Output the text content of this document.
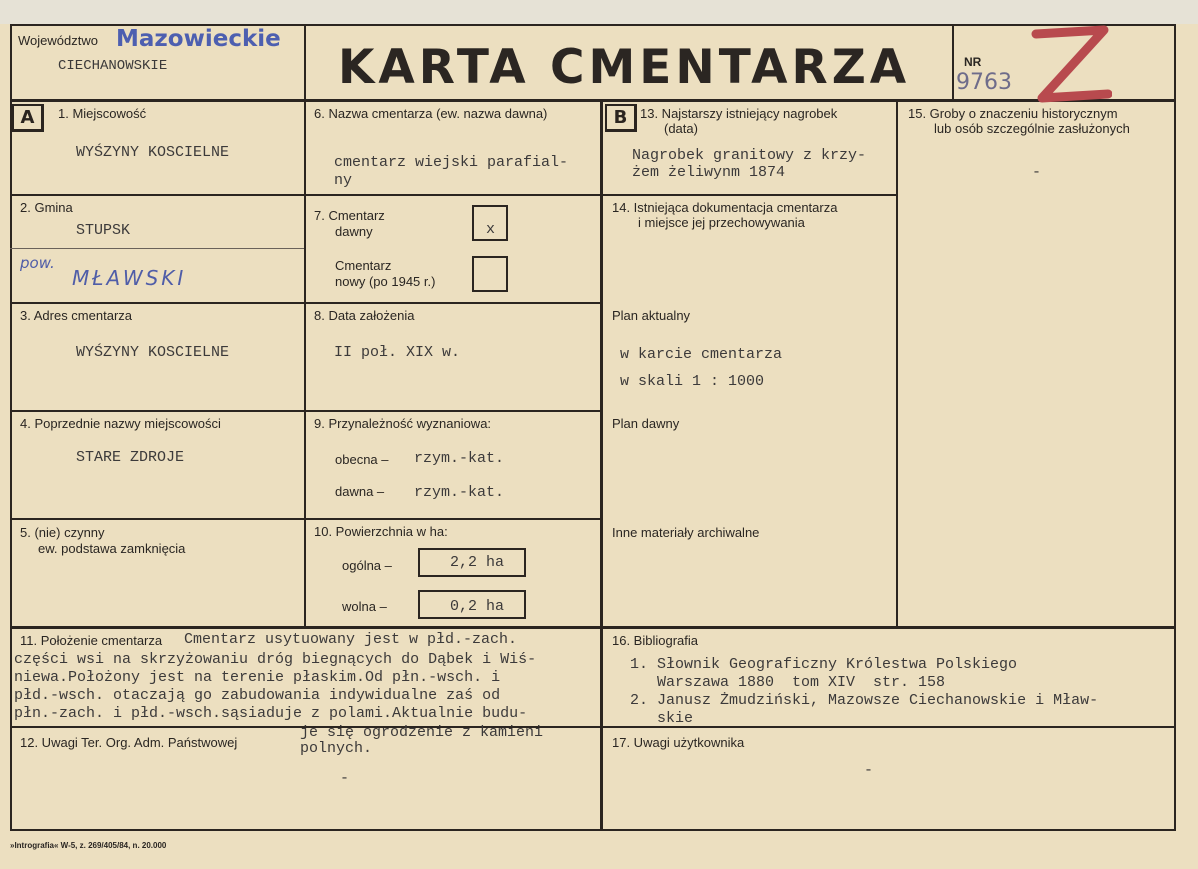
Województwo Mazowieckie
CIECHANOWSKIE	KARTA CMENTARZA	NR
9763
A	1. Miejscowość
WYŚZYNY KOSCIELNE
2. Gmina
STUPSK
pow.
MŁAWSKI
3. Adres cmentarza
WYŚZYNY KOSCIELNE
4. Poprzednie nazwy miejscowości
STARE ZDROJE
5. (nie) czynny
ew. podstawa zamknięcia
6. Nazwa cmentarza (ew. nazwa dawna)
cmentarz wiejski parafial-
ny
7. Cmentarz
dawny	x
Cmentarz
nowy (po 1945 r.)
8. Data założenia
II poł. XIX w.
9. Przynależność wyznaniowa:
obecna – rzym.-kat.
dawna – rzym.-kat.
10. Powierzchnia w ha:
ogólna –	2,2 ha
wolna –	0,2 ha
B 13. Najstarszy istniejący nagrobek
(data)
Nagrobek granitowy z krzy-
żem żeliwynm 1874
14. Istniejąca dokumentacja cmentarza
i miejsce jej przechowywania
Plan aktualny
w karcie cmentarza
w skali 1 : 1000
Plan dawny
Inne materiały archiwalne
15. Groby o znaczeniu historycznym
lub osób szczególnie zasłużonych
-
11. Położenie cmentarza Cmentarz usytuowany jest w płd.-zach.
części wsi na skrzyżowaniu dróg biegnących do Dąbek i Wiś-
niewa.Położony jest na terenie płaskim.Od płn.-wsch. i
płd.-wsch. otaczają go zabudowania indywidualne zaś od
płn.-zach. i płd.-wsch.sąsiaduje z polami.Aktualnie budu-
je się ogrodzenie z kamieni
polnych.
16. Bibliografia
1. Słownik Geograficzny Królestwa Polskiego
Warszawa 1880  tom XIV  str. 158
2. Janusz Żmudziński, Mazowsze Ciechanowskie i Mław-
skie
12. Uwagi Ter. Org. Adm. Państwowej
-
17. Uwagi użytkownika
-
»Intrografia« W-5, z. 269/405/84, n. 20.000
